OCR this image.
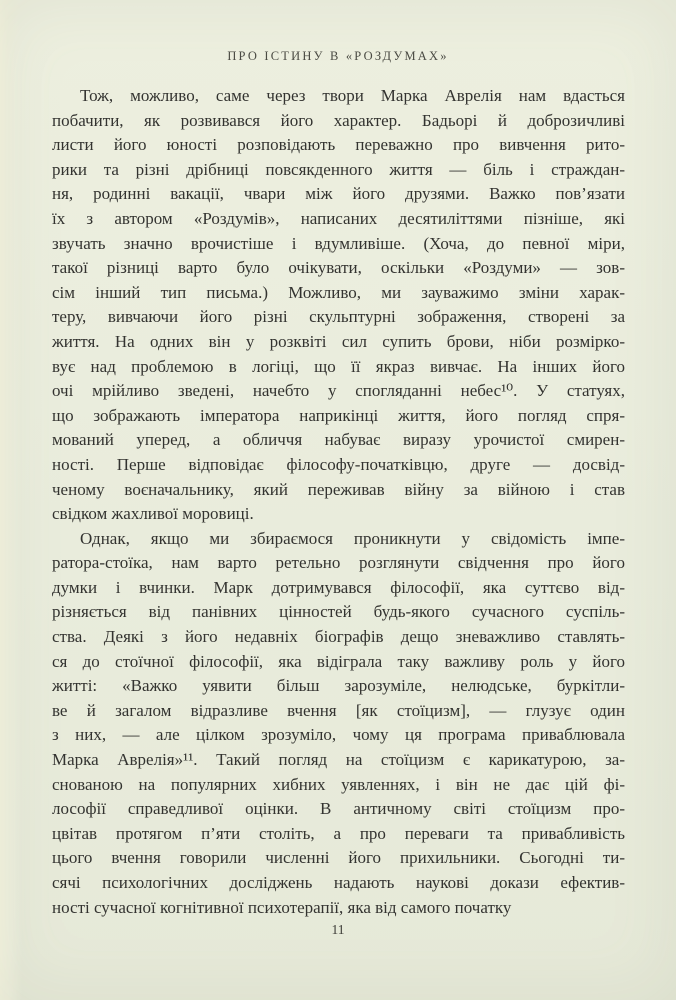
ПРО ІСТИНУ В «РОЗДУМАХ»
Тож, можливо, саме через твори Марка Аврелія нам вдасться
побачити, як розвивався його характер. Бадьорі й доброзичливі
листи його юності розповідають переважно про вивчення рито-
рики та різні дрібниці повсякденного життя — біль і страждан-
ня, родинні вакації, чвари між його друзями. Важко пов’язати
їх з автором «Роздумів», написаних десятиліттями пізніше, які
звучать значно врочистіше і вдумливіше. (Хоча, до певної міри,
такої різниці варто було очікувати, оскільки «Роздуми» — зов-
сім інший тип письма.) Можливо, ми зауважимо зміни харак-
теру, вивчаючи його різні скульптурні зображення, створені за
життя. На одних він у розквіті сил супить брови, ніби розмірко-
вує над проблемою в логіці, що її якраз вивчає. На інших його
очі мрійливо зведені, начебто у спогляданні небес¹⁰. У статуях,
що зображають імператора наприкінці життя, його погляд спря-
мований уперед, а обличчя набуває виразу урочистої смирен-
ності. Перше відповідає філософу-початківцю, друге — досвід-
ченому воєначальнику, який переживав війну за війною і став
свідком жахливої моровиці.
Однак, якщо ми збираємося проникнути у свідомість імпе-
ратора-стоїка, нам варто ретельно розглянути свідчення про його
думки і вчинки. Марк дотримувався філософії, яка суттєво від-
різняється від панівних цінностей будь-якого сучасного суспіль-
ства. Деякі з його недавніх біографів дещо зневажливо ставлять-
ся до стоїчної філософії, яка відіграла таку важливу роль у його
житті: «Важко уявити більш зарозуміле, нелюдське, буркітли-
ве й загалом відразливе вчення [як стоїцизм], — глузує один
з них, — але цілком зрозуміло, чому ця програма приваблювала
Марка Аврелія»¹¹. Такий погляд на стоїцизм є карикатурою, за-
снованою на популярних хибних уявленнях, і він не дає цій фі-
лософії справедливої оцінки. В античному світі стоїцизм про-
цвітав протягом п’яти століть, а про переваги та привабливість
цього вчення говорили численні його прихильники. Сьогодні ти-
сячі психологічних досліджень надають наукові докази ефектив-
ності сучасної когнітивної психотерапії, яка від самого початку
11
